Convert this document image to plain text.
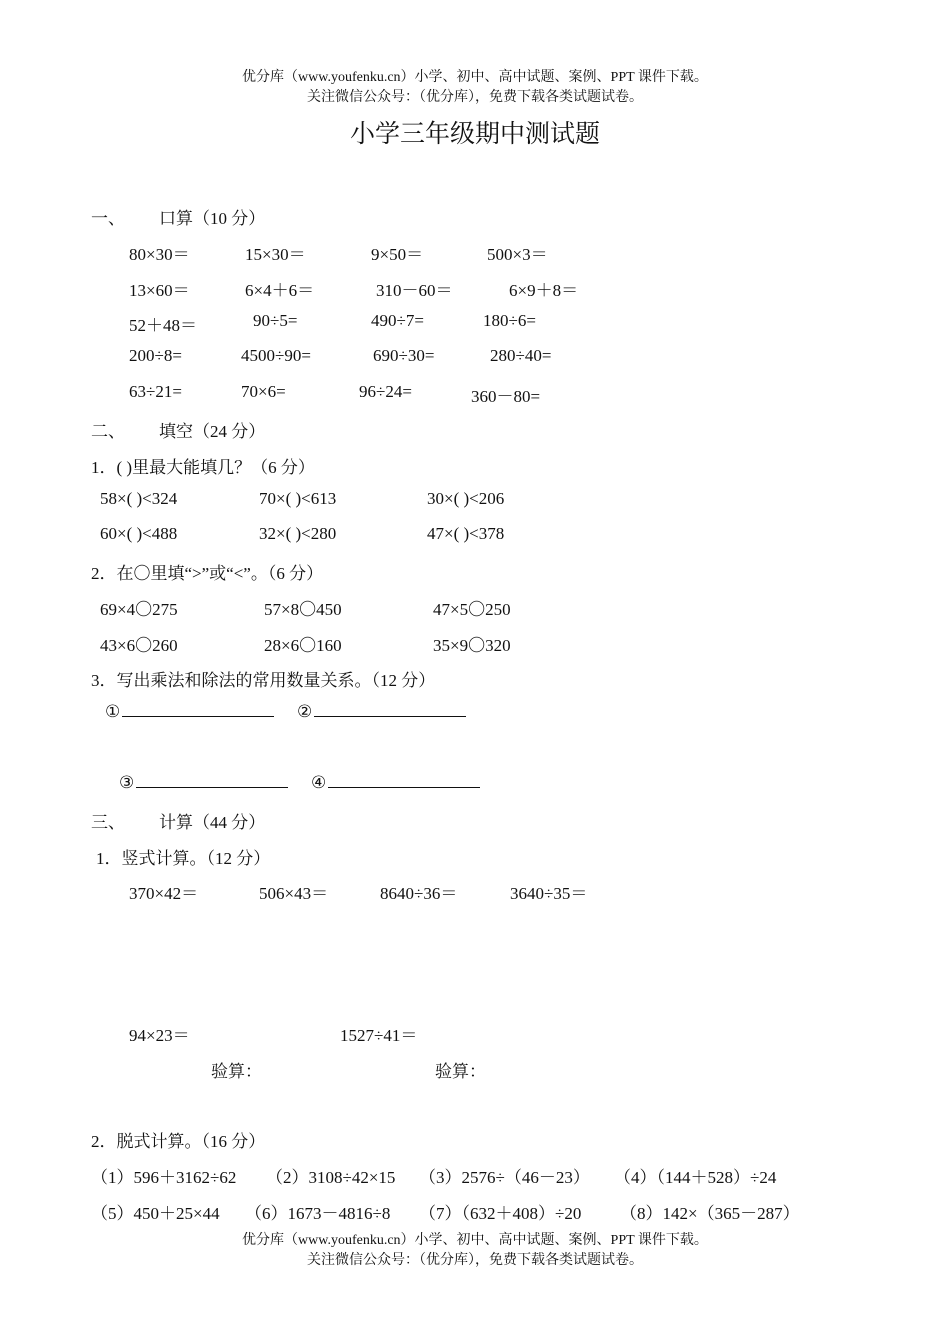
优分库（www.youfenku.cn）小学、初中、高中试题、案例、PPT 课件下载。
关注微信公众号：（优分库），免费下载各类试题试卷。
小学三年级期中测试题
一、 口算（10 分）
80×30＝	15×30＝	9×50＝	500×3＝
13×60＝	6×4＋6＝	310－60＝	6×9＋8＝
52＋48＝	90÷5=	490÷7=	180÷6=
200÷8=	4500÷90=	690÷30=	280÷40=
63÷21=	70×6=	96÷24=	360－80=
二、 填空（24 分）
1．( )里最大能填几？（6 分）
58×( )<324	70×( )<613	30×( )<206
60×( )<488	32×( )<280	47×( )<378
2．在〇里填“>”或“<”。（6 分）
69×4〇275	57×8〇450	47×5〇250
43×6〇260	28×6〇160	35×9〇320
3．写出乘法和除法的常用数量关系。（12 分）
①	②
③	④
三、 计算（44 分）
1．竖式计算。（12 分）
370×42＝	506×43＝	8640÷36＝	3640÷35＝
94×23＝	1527÷41＝
验算：	验算：
2．脱式计算。（16 分）
（1）596＋3162÷62 （2）3108÷42×15 （3）2576÷（46－23） （4）（144＋528）÷24
（5）450＋25×44 （6）1673－4816÷8 （7）（632＋408）÷20 （8）142×（365－287）
优分库（www.youfenku.cn）小学、初中、高中试题、案例、PPT 课件下载。
关注微信公众号：（优分库），免费下载各类试题试卷。
